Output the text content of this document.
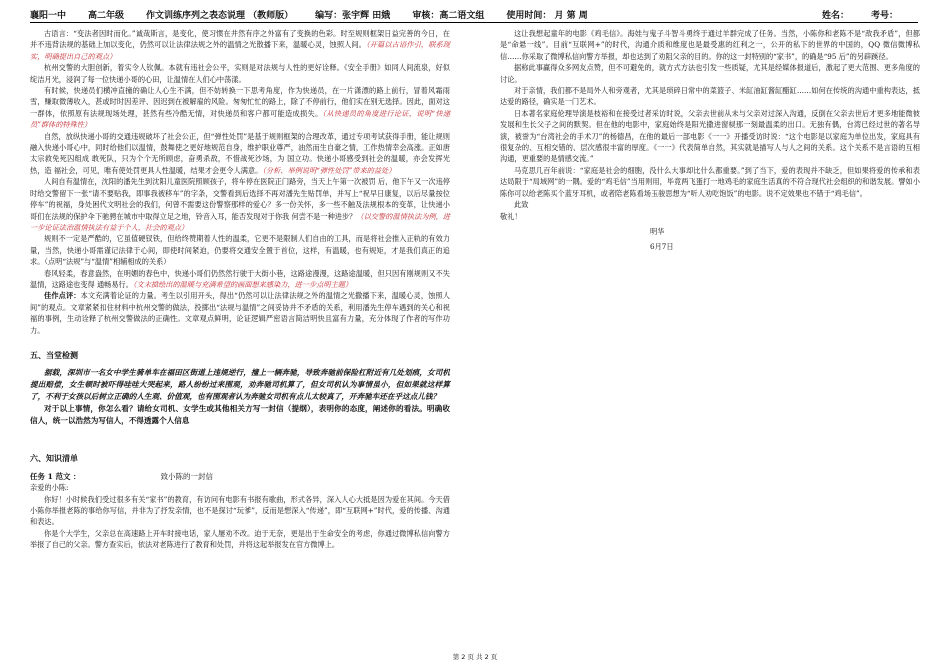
襄阳一中 高二年级 作文训练序列之表态说理 （教师版） 编写：张宇辉 田娥 审核：高二语文组 使用时间： 月 第 周	姓名： 考号：

古语言：“变法者因时而化。”诚哉斯言，是变化，使习惯在井然有序之外富有了变换的色彩。时至规则框架日益完善的今日，在并不违背法规的基础上加以变化，仍然可以让法律法规之外的温情之光散播下来，温暖心灵，蚀照人间。（开篇以古语作引，联系现实，明确提出自己的观点）

杭州交警的大胆创新，着实令人钦佩。本就有违社会公平，实则是对法规与人性的更好诠释。《安全手册》如同人间流泉，好似绽洁月光，浸润了每一位快递小哥的心田，让温情在人们心中荡漾。

有时候，快递员们横冲直撞的确让人心生不满，但不妨转换一下思考角度，作为快递员，在一片潇漂的路上前行，冒着风霜雨雪，赚取微薄收入，甚或时时因差评、因迟到在被解雇的风险。匆匆忙忙的路上，除了不停前行，他们实在别无选择。因此，面对这一群体，依照原有法规现场处理，甚然有些冷酷无情，对快递员和客户都可能造成损失。（从快递员的角度进行论证，说明“快递员”群体的特殊性）

自然，放纵快递小哥的交通违规破坏了社会公正，但“弹性处罚”是基于规则框架的合理改革，通过专项考试获得手册，能让规则融入快递小哥心中，同时给他们以温情，鼓舞使之更好地规范自身，维护职业尊严，油然而生自豪之情，工作热情幸会高涨。正如唐太宗救免死囚组成 敢死队，只为个个无所顾虑，奋勇杀敌，不惜战死沙场，为 国立功。快递小哥感受到社会的温暖，亦会发挥光热，造 福社会，可见，唯有使处罚更具人性温暖，结果才会更令人满意。（分析、举例说明“弹性处罚”带来的益处）

人间自有温情在，沈阳的潘先生到沈阳儿童医院照顾孩子，将车停在医院正门路旁，当天上午第一次被罚 后，他下午又一次违停时给交警留下一张“请不要贴我，即事我被移车”的字条，交警看到后选择不再对潘先生贴罚单，并写上“祝早日康复，以后尽量按位停车”的祝福，身处困代文明社会的我们，何曾不需要这份警察那样的爱心？多一份关怀，多一些不触及法规根本的变革，让快递小哥们在法规的保护伞下驰骋在城市中取得立足之地，铃音入耳，能否发现对于你我 何尝不是一种进步？（以交警的温情执法为例，进一步论证法治温情执法有益于个人，社会的观点）

规则不一定是严酷的，它虽值硬钗铁，但给终赞期着人性的温柔，它更不是限制人们自由的工具，而是将社会推入正轨的有效力量，当然，快递小哥需谨记法律于心间，即使时间紧迫，仍要将交通安全置于首位，这样，有温暖，也有规矩，才是我们真正的追求。（点明“法规”与“温情”相辅相成的关系）

春风轻柔，春意盎然，在明媚的春色中，快递小哥们仍然然行驶于大街小巷，这路途漫漫，这路途温暖，但只因有刚规则又不失温情，这路途也变得 通畅易行。（文末描绘出的温暖与充满希望的画面想来感染力，进一步点明主题）

佳作点评：本文充满着论证的力量。考生以引用开头，得出“仍然可以让法律法规之外的温情之光撒播下来，温暖心灵，蚀照人间”的观点。文章紧紧扣住材料中杭州交警的做法，投掷出“法规与温情”之间妥协并不矛盾的关系，利用潘先生停车遇到的关心和祝福的事例，生动诠释了杭州交警做法的正确性。文章观点鲜明，论证逻辑严密语言简洁明快且富有力量，充分体现了作者的写作功力。

五、当堂检测

据载，深圳市一名女中学生骑单车在福田区街道上违规逆行，撞上一辆奔驰，导致奔驰前保险杠附近有几处划痕，女司机提出赔偿，女生顿时被吓得哇哇大哭起来，路人纷纷过来围观，劝奔驰司机算了，但女司机认为事情虽小，但如果就这样算了，不利于女孩以后树立正确的人生观、价值观，也有围观者认为奔驰女司机有点儿太较真了，开奔驰车还在乎这点儿钱？

对于以上事情，你怎么看？请给女司机、女学生或其他相关方写一封信（提纲），表明你的态度，阐述你的看法。明确收信人，统一以浩然为写信人，不得透露个人信息

六、知识清单
任务 1 范文 ：	致小陈的一封信

亲爱的小陈:

你好！小时候我们受过很多有关“家书”的教育，有访问有电影有书报有歌曲，形式各异，深入人心大抵是因为爱在其间。今天借小陈你举报老陈的事给你写信，并非为了抒发亲情，也不是探讨“玩爹”，反而是想深入“传递”，即“互联网+”时代，爱的传播、沟通和表达。

你是个大学生，父亲总在高速路上开车时接电话，家人屡劝不改。迫于无奈，更是出于生命安全的考虑，你通过微博私信向警方举报了自己的父亲。警方查实后，依法对老陈进行了教育和处罚，并将这起举报发在官方微博上。

这让我想起童年的电影《鸡毛信》。海娃与鬼子斗智斗勇终于通过羊群完成了任务。当然，小陈你和老陈不是“敌我矛盾”，但都是“命悬一线”。目前“互联网+”的时代，沟通介质和维度也是最受惠的红利之一，公开的私下的世界的中国的，QQ 微信微博私信……你采取了微博私信向警方举报，却也达到了劝阻父亲的目的。你的这一封特别的“家书”，的确是“95 后”的另辟蹊径。

据称此事赢得众多网友点赞，但不可避免的，就方式方法也引发一些质疑，尤其是经媒体报道后，激起了更大范围、更多角度的讨论。

对于亲情，我们都不是局外人和旁观者，尤其是琐碎日常中的菜篮子、米缸油缸酱缸醋缸……如何在传统的沟通中重构表达，抵达爱的路径，确实是一门艺术。

日本著名家庭伦理导演是枝裕和在接受过者采访时说，父亲去世前从未与父亲对过深入沟通，反倒在父亲去世后才更多地能微彼发展和生长父子之间的默契。但在他的电影中，家庭始终是阳光撒进窗棂那一刻最温柔的出口。无独有偶，台湾已经过世的著名导演，被誉为“台湾社会的手术刀”的杨德昌，在他的最后一部电影《一一》开播受访时说：“这个电影是以家庭为单位出发，家庭具有很复杂的、互相交错的、层次感很丰富的厚度。《一一》代表简单自然，其实就是描写人与人之间的关系。这个关系不是言语的互相沟通，更重要的是情感交流。”

马克思几百年前说：“家庭是社会的细胞，没什么大事却比什么都重要。”到了当下，爱的表现并不缺乏，但如果将爱的传承和表达局限于“局域网”的一隅。爱的“鸡毛信”当用则用，毕竟两飞蛋打一地鸡毛的家庭生活真的不符合现代社会组织的和谐发展。譬如小陈你可以给老陈买个蓝牙耳机，或者陪老陈看场玉骏思想为“听人劝吃饱饭”的电影。说不定效果也不错于“鸡毛信”。

此致

敬礼！

明华
6月7日
第 2 页 共 2 页
